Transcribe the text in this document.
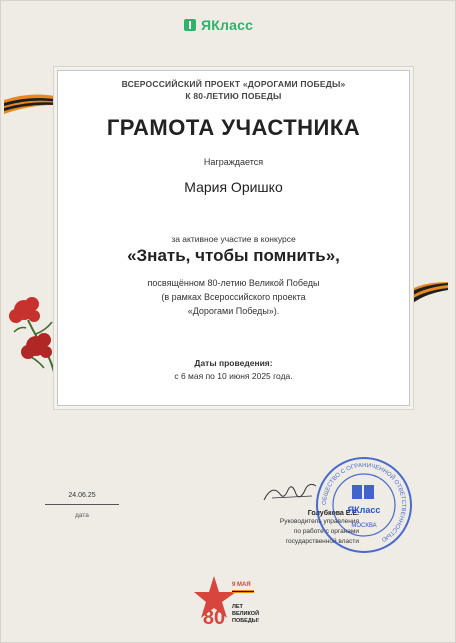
ЯКласс
ВСЕРОССИЙСКИЙ ПРОЕКТ «ДОРОГАМИ ПОБЕДЫ»
К 80-ЛЕТИЮ ПОБЕДЫ
ГРАМОТА УЧАСТНИКА
Награждается
Мария Оришко
за активное участие в конкурсе
«Знать, чтобы помнить»,
посвящённом 80-летию Великой Победы
(в рамках Всероссийского проекта
«Дорогами Победы»).
Даты проведения:
с 6 мая по 10 июня 2025 года.
24.06.25
дата	Голубкова Е.Е.
Руководитель управления
по работе с органами
государственной власти
ОБЩЕСТВО С ОГРАНИЧЕННОЙ ОТВЕТСТВЕННОСТЬЮ
ЯКласс
МОСКВА
80
9 МАЯ
ЛЕТ
ВЕЛИКОЙ
ПОБЕДЫ!
